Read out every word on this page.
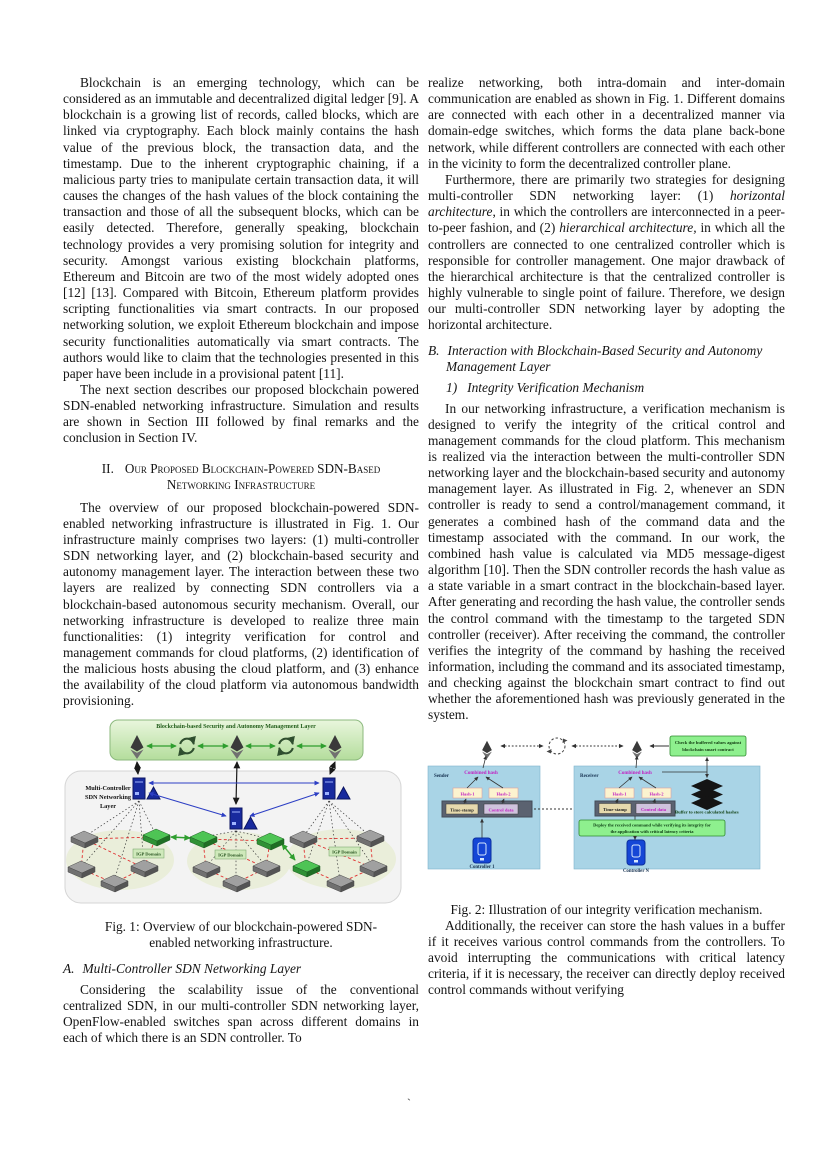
Blockchain is an emerging technology, which can be considered as an immutable and decentralized digital ledger [9]. A blockchain is a growing list of records, called blocks, which are linked via cryptography. Each block mainly contains the hash value of the previous block, the transaction data, and the timestamp. Due to the inherent cryptographic chaining, if a malicious party tries to manipulate certain transaction data, it will causes the changes of the hash values of the block containing the transaction and those of all the subsequent blocks, which can be easily detected. Therefore, generally speaking, blockchain technology provides a very promising solution for integrity and security. Amongst various existing blockchain platforms, Ethereum and Bitcoin are two of the most widely adopted ones [12] [13]. Compared with Bitcoin, Ethereum platform provides scripting functionalities via smart contracts. In our proposed networking solution, we exploit Ethereum blockchain and impose security functionalities automatically via smart contracts. The authors would like to claim that the technologies presented in this paper have been include in a provisional patent [11].

The next section describes our proposed blockchain powered SDN-enabled networking infrastructure. Simulation and results are shown in Section III followed by final remarks and the conclusion in Section IV.

II. Our Proposed Blockchain-Powered SDN-Based Networking Infrastructure

The overview of our proposed blockchain-powered SDN-enabled networking infrastructure is illustrated in Fig. 1. Our infrastructure mainly comprises two layers: (1) multi-controller SDN networking layer, and (2) blockchain-based security and autonomy management layer. The interaction between these two layers are realized by connecting SDN controllers via a blockchain-based autonomous security mechanism. Overall, our networking infrastructure is developed to realize three main functionalities: (1) integrity verification for control and management commands for cloud platforms, (2) identification of the malicious hosts abusing the cloud platform, and (3) enhance the availability of the cloud platform via autonomous bandwidth provisioning.

Blockchain-based Security and Autonomy Management Layer
Multi-Controller
SDN Networking
Layer
IGP Domain	IGP Domain
IGP Domain
Fig. 1: Overview of our blockchain-powered SDN-enabled networking infrastructure.
A. Multi-Controller SDN Networking Layer

Considering the scalability issue of the conventional centralized SDN, in our multi-controller SDN networking layer, OpenFlow-enabled switches span across different domains in each of which there is an SDN controller. To

realize networking, both intra-domain and inter-domain communication are enabled as shown in Fig. 1. Different domains are connected with each other in a decentralized manner via domain-edge switches, which forms the data plane back-bone network, while different controllers are connected with each other in the vicinity to form the decentralized controller plane.

Furthermore, there are primarily two strategies for designing multi-controller SDN networking layer: (1) horizontal architecture, in which the controllers are interconnected in a peer-to-peer fashion, and (2) hierarchical architecture, in which all the controllers are connected to one centralized controller which is responsible for controller management. One major drawback of the hierarchical architecture is that the centralized controller is highly vulnerable to single point of failure. Therefore, we design our multi-controller SDN networking layer by adopting the horizontal architecture.

B. Interaction with Blockchain-Based Security and Autonomy Management Layer
1) Integrity Verification Mechanism

In our networking infrastructure, a verification mechanism is designed to verify the integrity of the critical control and management commands for the cloud platform. This mechanism is realized via the interaction between the multi-controller SDN networking layer and the blockchain-based security and autonomy management layer. As illustrated in Fig. 2, whenever an SDN controller is ready to send a control/management command, it generates a combined hash of the command data and the timestamp associated with the command. In our work, the combined hash value is calculated via MD5 message-digest algorithm [10]. Then the SDN controller records the hash value as a state variable in a smart contract in the blockchain-based layer. After generating and recording the hash value, the controller sends the control command with the timestamp to the targeted SDN controller (receiver). After receiving the command, the controller verifies the integrity of the command by hashing the received information, including the command and its associated timestamp, and checking against the blockchain smart contract to find out whether the aforementioned hash was previously generated in the system.

Check the buffered values against
blockchain smart contract
Sender
Combined hash
Hash-1	Hash-2
Time-stamp	Control data
Controller 1
Receiver
Combined hash
Hash-1	Hash-2
Time-stamp	Control data Buffer to store calculated hashes
Deploy the received command while verifying its integrity for
the application with critical latency criteria
Controller N
Fig. 2: Illustration of our integrity verification mechanism.

Additionally, the receiver can store the hash values in a buffer if it receives various control commands from the controllers. To avoid interrupting the communications with critical latency criteria, if it is necessary, the receiver can directly deploy received control commands without verifying

`
